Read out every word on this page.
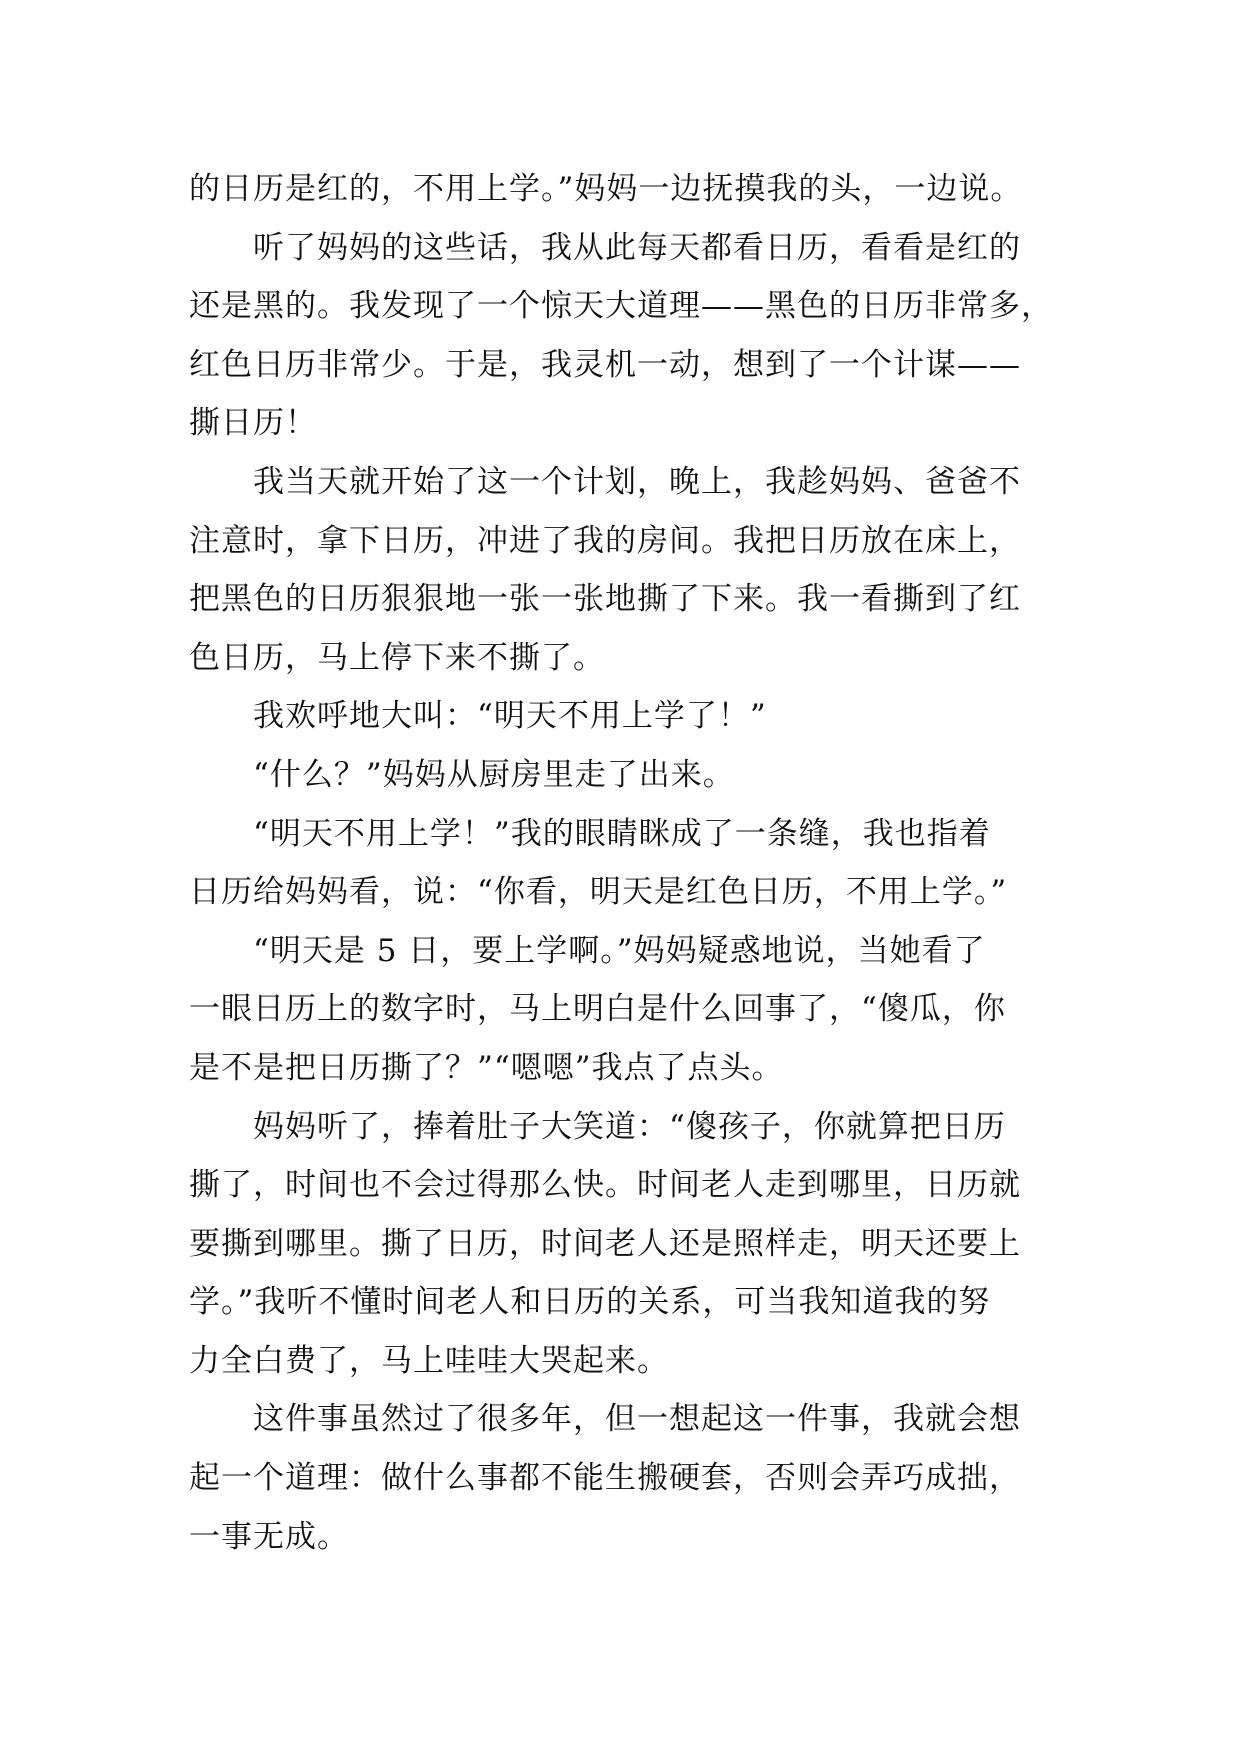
的日历是红的，不用上学。”妈妈一边抚摸我的头，一边说。
听了妈妈的这些话，我从此每天都看日历，看看是红的
还是黑的。我发现了一个惊天大道理——黑色的日历非常多，
红色日历非常少。于是，我灵机一动，想到了一个计谋——
撕日历！
我当天就开始了这一个计划，晚上，我趁妈妈、爸爸不
注意时，拿下日历，冲进了我的房间。我把日历放在床上，
把黑色的日历狠狠地一张一张地撕了下来。我一看撕到了红
色日历，马上停下来不撕了。
我欢呼地大叫：“明天不用上学了！”
“什么？”妈妈从厨房里走了出来。
“明天不用上学！”我的眼睛眯成了一条缝，我也指着
日历给妈妈看，说：“你看，明天是红色日历，不用上学。”
“明天是 5 日，要上学啊。”妈妈疑惑地说，当她看了
一眼日历上的数字时，马上明白是什么回事了，“傻瓜，你
是不是把日历撕了？”“嗯嗯”我点了点头。
妈妈听了，捧着肚子大笑道：“傻孩子，你就算把日历
撕了，时间也不会过得那么快。时间老人走到哪里，日历就
要撕到哪里。撕了日历，时间老人还是照样走，明天还要上
学。”我听不懂时间老人和日历的关系，可当我知道我的努
力全白费了，马上哇哇大哭起来。
这件事虽然过了很多年，但一想起这一件事，我就会想
起一个道理：做什么事都不能生搬硬套，否则会弄巧成拙，
一事无成。
